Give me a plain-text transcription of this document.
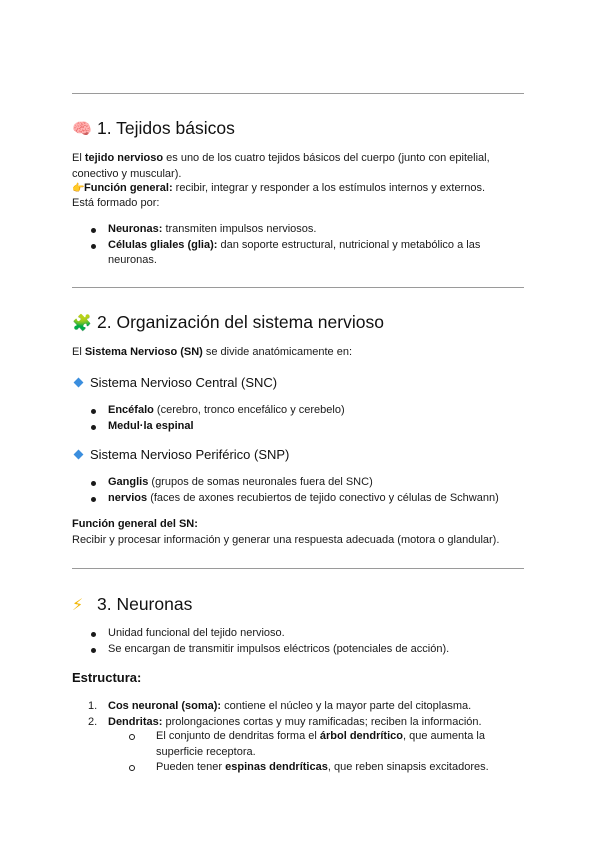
🧠 1. Tejidos básicos
El tejido nervioso es uno de los cuatro tejidos básicos del cuerpo (junto con epitelial, conectivo y muscular).
👉Función general: recibir, integrar y responder a los estímulos internos y externos.
Está formado por:
Neuronas: transmiten impulsos nerviosos.
Células gliales (glia): dan soporte estructural, nutricional y metabólico a las neuronas.
🧩 2. Organización del sistema nervioso
El Sistema Nervioso (SN) se divide anatómicamente en:
Sistema Nervioso Central (SNC)
Encéfalo (cerebro, tronco encefálico y cerebelo)
Medul·la espinal
Sistema Nervioso Periférico (SNP)
Ganglis (grupos de somas neuronales fuera del SNC)
nervios (faces de axones recubiertos de tejido conectivo y células de Schwann)
Función general del SN:
Recibir y procesar información y generar una respuesta adecuada (motora o glandular).
⚡ 3. Neuronas
Unidad funcional del tejido nervioso.
Se encargan de transmitir impulsos eléctricos (potenciales de acción).
Estructura:
1. Cos neuronal (soma): contiene el núcleo y la mayor parte del citoplasma.
2. Dendritas: prolongaciones cortas y muy ramificadas; reciben la información.
El conjunto de dendritas forma el árbol dendrítico, que aumenta la superficie receptora.
Pueden tener espinas dendríticas, que reben sinapsis excitadores.
